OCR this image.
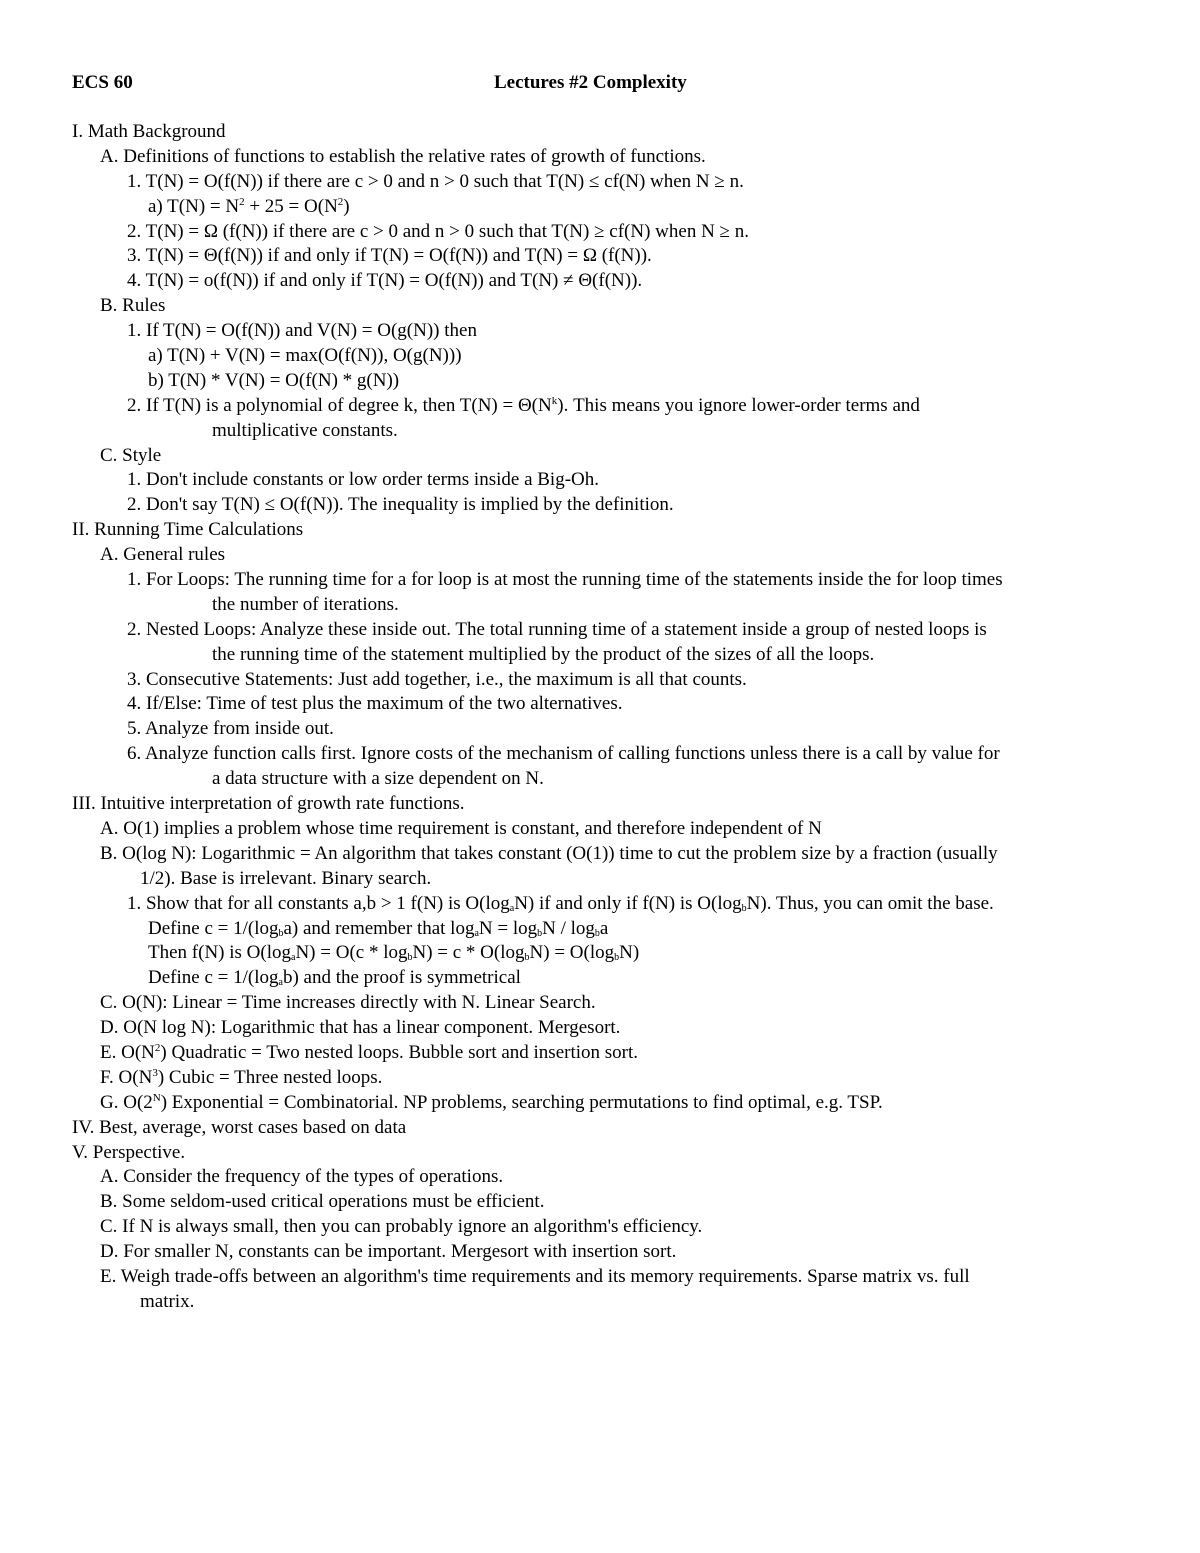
ECS 60	Lectures #2 Complexity
I. Math Background
A. Definitions of functions to establish the relative rates of growth of functions.
1. T(N) = O(f(N)) if there are c > 0 and n > 0 such that T(N) ≤ cf(N) when N ≥ n.
a) $T(N) = N^2 + 25 = O(N^2)$
2. T(N) = Ω (f(N)) if there are c > 0 and n > 0 such that T(N) ≥ cf(N) when N ≥ n.
3. T(N) = Θ(f(N)) if and only if T(N) = O(f(N)) and T(N) = Ω (f(N)).
4. T(N) = o(f(N)) if and only if T(N) = O(f(N)) and T(N) ≠ Θ(f(N)).
B. Rules
1. If T(N) = O(f(N)) and V(N) = O(g(N)) then
a) T(N) + V(N) = max(O(f(N)), O(g(N)))
b) T(N) * V(N) = O(f(N) * g(N))
2. If T(N) is a polynomial of degree k, then $T(N) = \Theta(N^k)$. This means you ignore lower-order terms and
multiplicative constants.
C. Style
1. Don't include constants or low order terms inside a Big-Oh.
2. Don't say T(N) ≤ O(f(N)). The inequality is implied by the definition.
II. Running Time Calculations
A. General rules
1. For Loops: The running time for a for loop is at most the running time of the statements inside the for loop times
the number of iterations.
2. Nested Loops: Analyze these inside out. The total running time of a statement inside a group of nested loops is
the running time of the statement multiplied by the product of the sizes of all the loops.
3. Consecutive Statements: Just add together, i.e., the maximum is all that counts.
4. If/Else: Time of test plus the maximum of the two alternatives.
5. Analyze from inside out.
6. Analyze function calls first. Ignore costs of the mechanism of calling functions unless there is a call by value for
a data structure with a size dependent on N.
III. Intuitive interpretation of growth rate functions.
A. O(1) implies a problem whose time requirement is constant, and therefore independent of N
B. O(log N): Logarithmic = An algorithm that takes constant (O(1)) time to cut the problem size by a fraction (usually
1/2). Base is irrelevant. Binary search.
1. Show that for all constants a,b > 1 f(N) is $O(\log_aN)$ if and only if f(N) is $O(\log_bN)$. Thus, you can omit the base.
Define $c = 1/(\log_ba)$ and remember that $\log_aN = \log_bN / \log_ba$
Then f(N) is $O(\log_aN) = O(c * \log_bN) = c * O(\log_bN) = O(\log_bN)$
Define $c = 1/(\log_ab)$ and the proof is symmetrical
C. O(N): Linear = Time increases directly with N. Linear Search.
D. O(N log N): Logarithmic that has a linear component. Mergesort.
E. $O(N^2)$ Quadratic = Two nested loops. Bubble sort and insertion sort.
F. $O(N^3)$ Cubic = Three nested loops.
G. $O(2^N)$ Exponential = Combinatorial. NP problems, searching permutations to find optimal, e.g. TSP.
IV. Best, average, worst cases based on data
V. Perspective.
A. Consider the frequency of the types of operations.
B. Some seldom-used critical operations must be efficient.
C. If N is always small, then you can probably ignore an algorithm's efficiency.
D. For smaller N, constants can be important. Mergesort with insertion sort.
E. Weigh trade-offs between an algorithm's time requirements and its memory requirements. Sparse matrix vs. full
matrix.
